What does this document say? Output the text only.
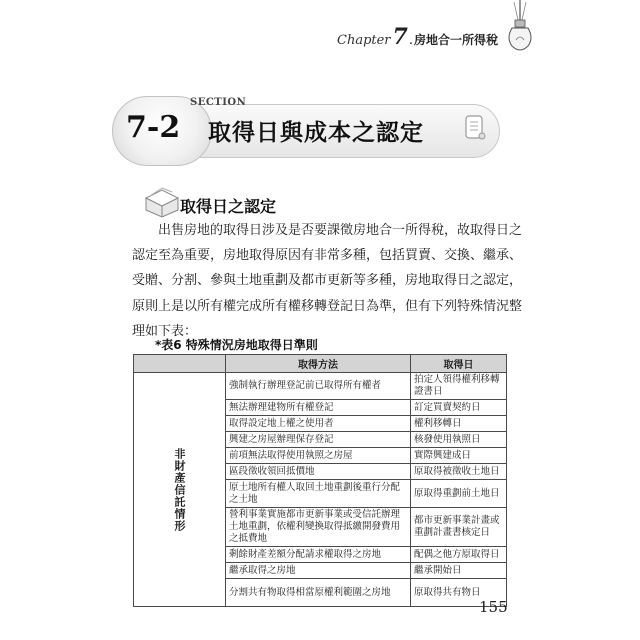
Chapter 7 . 房地合一所得稅
SECTION
7-2 取得日與成本之認定
取得日之認定

出售房地的取得日涉及是否要課徵房地合一所得稅，故取得日之

認定至為重要，房地取得原因有非常多種，包括買賣、交換、繼承、

受贈、分割、參與土地重劃及都市更新等多種，房地取得日之認定，

原則上是以所有權完成所有權移轉登記日為準，但有下列特殊情況整

理如下表：

*表6 特殊情況房地取得日準則
	取得方法	取得日
非財產信託情形	強制執行辦理登記前已取得所有權者	拍定人領得權利移轉證書日
	無法辦理建物所有權登記	訂定買賣契約日
	取得設定地上權之使用者	權利移轉日
	興建之房屋辦理保存登記	核發使用執照日
	前項無法取得使用執照之房屋	實際興建成日
	區段徵收領回抵價地	原取得被徵收土地日
	原土地所有權人取回土地重劃後重行分配之土地	原取得重劃前土地日
	營利事業實施都市更新事業或受信託辦理土地重劃，依權利變換取得抵繳開發費用之抵費地	都市更新事業計畫或重劃計畫書核定日
	剩餘財產差額分配請求權取得之房地	配偶之他方原取得日
	繼承取得之房地	繼承開始日
	分割共有物取得相當原權利範圍之房地	原取得共有物日
155
